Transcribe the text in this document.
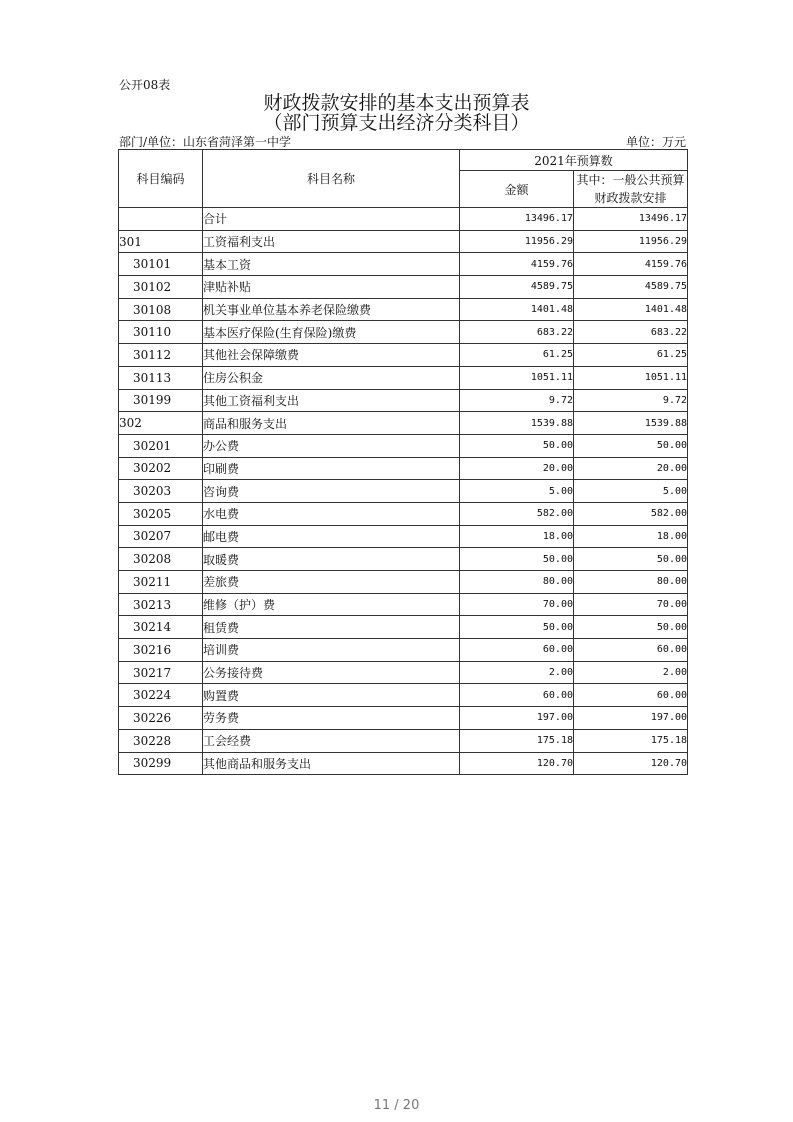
公开08表
财政拨款安排的基本支出预算表
（部门预算支出经济分类科目）
部门/单位：山东省菏泽第一中学	单位：万元
科目编码	科目名称	2021年预算数	
		金额	其中：一般公共预算
财政拨款安排

	合计	13496.17	13496.17
301	工资福利支出	11956.29	11956.29
30101	基本工资	4159.76	4159.76
30102	津贴补贴	4589.75	4589.75
30108	机关事业单位基本养老保险缴费	1401.48	1401.48
30110	基本医疗保险(生育保险)缴费	683.22	683.22
30112	其他社会保障缴费	61.25	61.25
30113	住房公积金	1051.11	1051.11
30199	其他工资福利支出	9.72	9.72
302	商品和服务支出	1539.88	1539.88
30201	办公费	50.00	50.00
30202	印刷费	20.00	20.00
30203	咨询费	5.00	5.00
30205	水电费	582.00	582.00
30207	邮电费	18.00	18.00
30208	取暖费	50.00	50.00
30211	差旅费	80.00	80.00
30213	维修（护）费	70.00	70.00
30214	租赁费	50.00	50.00
30216	培训费	60.00	60.00
30217	公务接待费	2.00	2.00
30224	购置费	60.00	60.00
30226	劳务费	197.00	197.00
30228	工会经费	175.18	175.18
30299	其他商品和服务支出	120.70	120.70
11 / 20
